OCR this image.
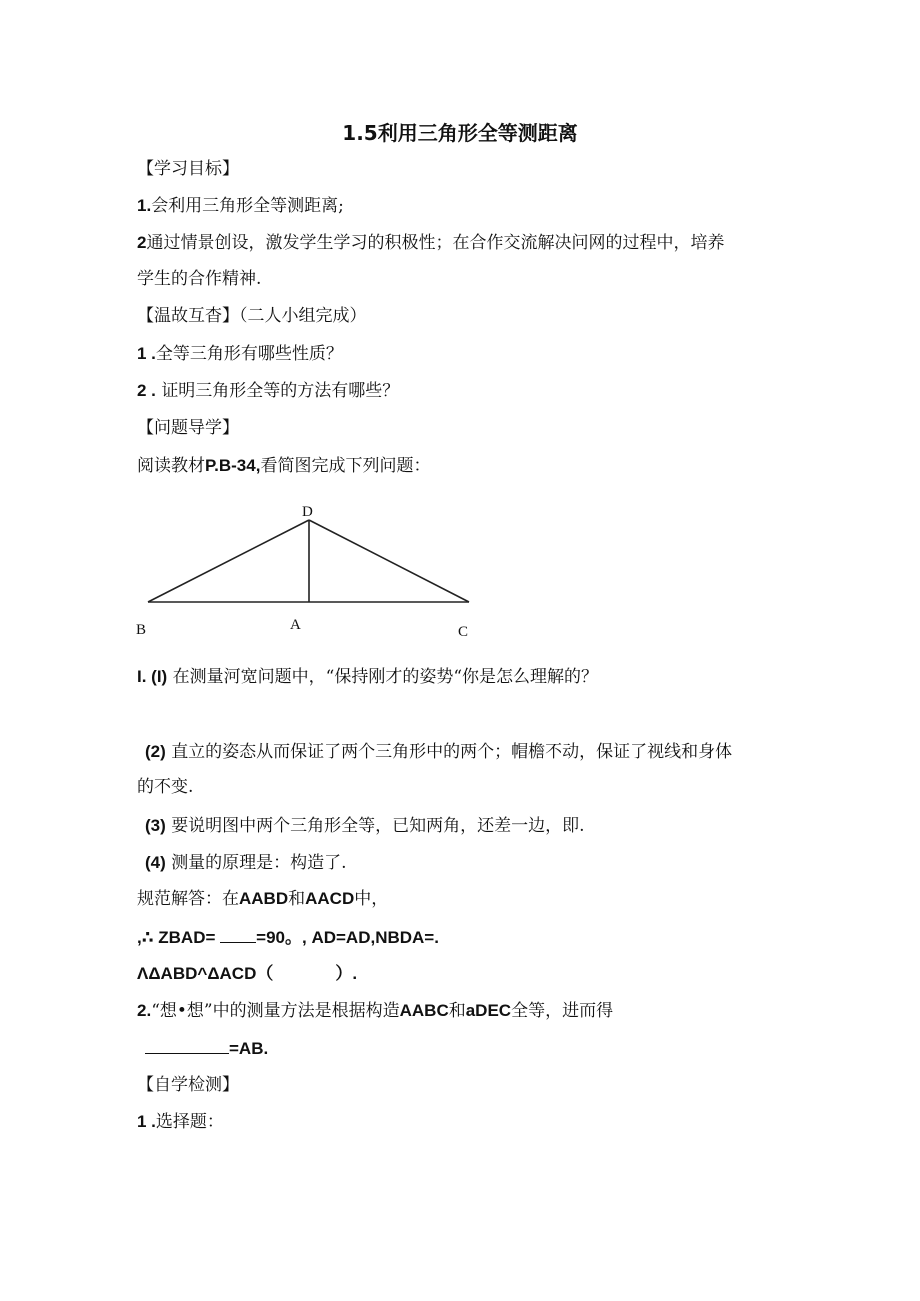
1.5利用三角形全等测距离
【学习目标】
1.会利用三角形全等测距离;
2通过情景创设，激发学生学习的积极性；在合作交流解决问网的过程中，培养
学生的合作精神.
【温故互杳】（二人小组完成）
1 .全等三角形有哪些性质？
2 . 证明三角形全等的方法有哪些？
【问题导学】
阅读教材P.B-34,看简图完成下列问题：
D
B	A	C
I. (I) 在测量河宽问题中，“保持刚才的姿势“你是怎么理解的？
(2) 直立的姿态从而保证了两个三角形中的两个；帽檐不动，保证了视线和身体
的不变.
(3) 要说明图中两个三角形全等，已知两角，还差一边，即.
(4) 测量的原理是：构造了.
规范解答：在AABD和AACD中，
,∴ ZBAD= =90。, AD=AD,NBDA=.
ΛΔABD^ΔACD（	）.
2.“想•想”中的测量方法是根据构造AABC和aDEC全等，进而得
=AB.
【自学检测】
1 .选择题：
